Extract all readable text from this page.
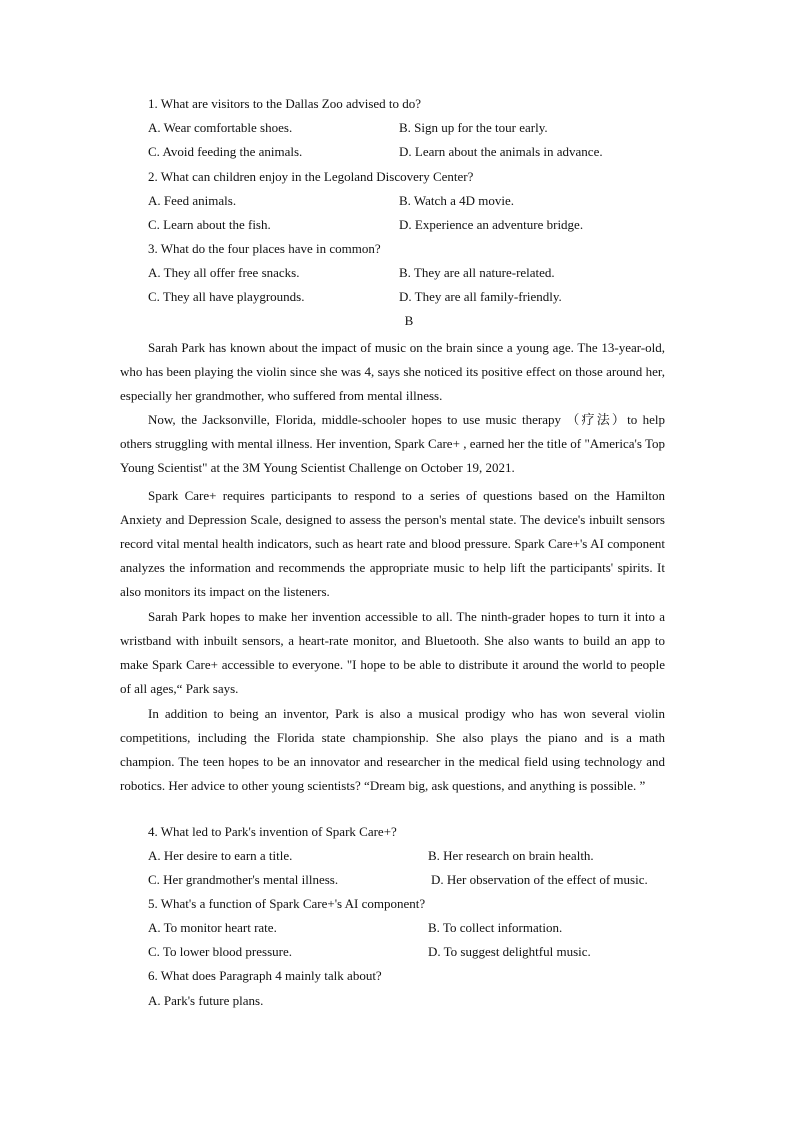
1. What are visitors to the Dallas Zoo advised to do?
A. Wear comfortable shoes.	B. Sign up for the tour early.
C. Avoid feeding the animals.	D. Learn about the animals in advance.
2. What can children enjoy in the Legoland Discovery Center?
A. Feed animals.	B. Watch a 4D movie.
C. Learn about the fish.	D. Experience an adventure bridge.
3. What do the four places have in common?
A. They all offer free snacks.	B. They are all nature-related.
C. They all have playgrounds.	D. They are all family-friendly.
B
Sarah Park has known about the impact of music on the brain since a young age. The 13-year-old, who has been playing the violin since she was 4, says she noticed its positive effect on those around her, especially her grandmother, who suffered from mental illness.
Now, the Jacksonville, Florida, middle-schooler hopes to use music therapy （疗法）to help others struggling with mental illness. Her invention, Spark Care+ , earned her the title of "America's Top Young Scientist" at the 3M Young Scientist Challenge on October 19, 2021.
Spark Care+ requires participants to respond to a series of questions based on the Hamilton Anxiety and Depression Scale, designed to assess the person's mental state. The device's inbuilt sensors record vital mental health indicators, such as heart rate and blood pressure. Spark Care+'s AI component analyzes the information and recommends the appropriate music to help lift the participants' spirits. It also monitors its impact on the listeners.
Sarah Park hopes to make her invention accessible to all. The ninth-grader hopes to turn it into a wristband with inbuilt sensors, a heart-rate monitor, and Bluetooth. She also wants to build an app to make Spark Care+ accessible to everyone. "I hope to be able to distribute it around the world to people of all ages,“ Park says.
In addition to being an inventor, Park is also a musical prodigy who has won several violin competitions, including the Florida state championship. She also plays the piano and is a math champion. The teen hopes to be an innovator and researcher in the medical field using technology and robotics. Her advice to other young scientists? “Dream big, ask questions, and anything is possible. ”
4. What led to Park's invention of Spark Care+?
A. Her desire to earn a title.	B. Her research on brain health.
C. Her grandmother's mental illness.	D. Her observation of the effect of music.
5. What's a function of Spark Care+'s AI component?
A. To monitor heart rate.	B. To collect information.
C. To lower blood pressure.	D. To suggest delightful music.
6. What does Paragraph 4 mainly talk about?
A. Park's future plans.
